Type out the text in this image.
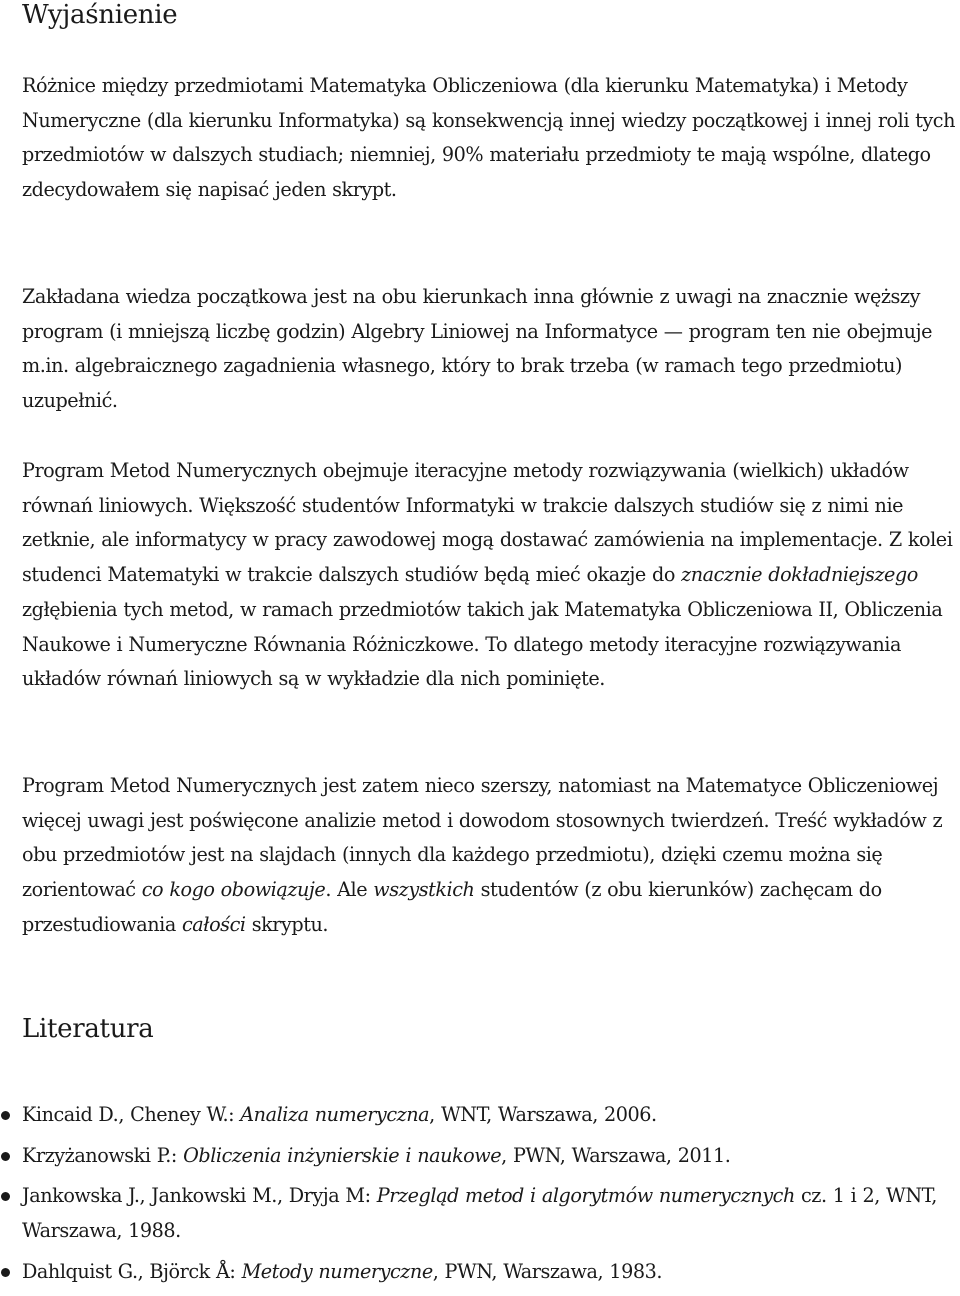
Wyjaśnienie

Różnice między przedmiotami Matematyka Obliczeniowa (dla kierunku Matematyka) i Metody Numeryczne (dla kierunku Informatyka) są konsekwencją innej wiedzy początkowej i innej roli tych przedmiotów w dalszych studiach; niemniej, 90% materiału przedmioty te mają wspólne, dlatego zdecydowałem się napisać jeden skrypt.

Zakładana wiedza początkowa jest na obu kierunkach inna głównie z uwagi na znacznie węższy program (i mniejszą liczbę godzin) Algebry Liniowej na Informatyce — program ten nie obejmuje m.in. algebraicznego zagadnienia własnego, który to brak trzeba (w ramach tego przedmiotu) uzupełnić.

Program Metod Numerycznych obejmuje iteracyjne metody rozwiązywania (wielkich) układów równań liniowych. Większość studentów Informatyki w trakcie dalszych studiów się z nimi nie zetknie, ale informatycy w pracy zawodowej mogą dostawać zamówienia na implementacje. Z kolei studenci Matematyki w trakcie dalszych studiów będą mieć okazje do znacznie dokładniejszego zgłębienia tych metod, w ramach przedmiotów takich jak Matematyka Obliczeniowa II, Obliczenia Naukowe i Numeryczne Równania Różniczkowe. To dlatego metody iteracyjne rozwiązywania układów równań liniowych są w wykładzie dla nich pominięte.

Program Metod Numerycznych jest zatem nieco szerszy, natomiast na Matematyce Obliczeniowej więcej uwagi jest poświęcone analizie metod i dowodom stosownych twierdzeń. Treść wykładów z obu przedmiotów jest na slajdach (innych dla każdego przedmiotu), dzięki czemu można się zorientować co kogo obowiązuje. Ale wszystkich studentów (z obu kierunków) zachęcam do przestudiowania całości skryptu.

Literatura
Kincaid D., Cheney W.: Analiza numeryczna, WNT, Warszawa, 2006.
Krzyżanowski P.: Obliczenia inżynierskie i naukowe, PWN, Warszawa, 2011.
Jankowska J., Jankowski M., Dryja M: Przegląd metod i algorytmów numerycznych cz. 1 i 2, WNT, Warszawa, 1988.
Dahlquist G., Björck Å: Metody numeryczne, PWN, Warszawa, 1983.
